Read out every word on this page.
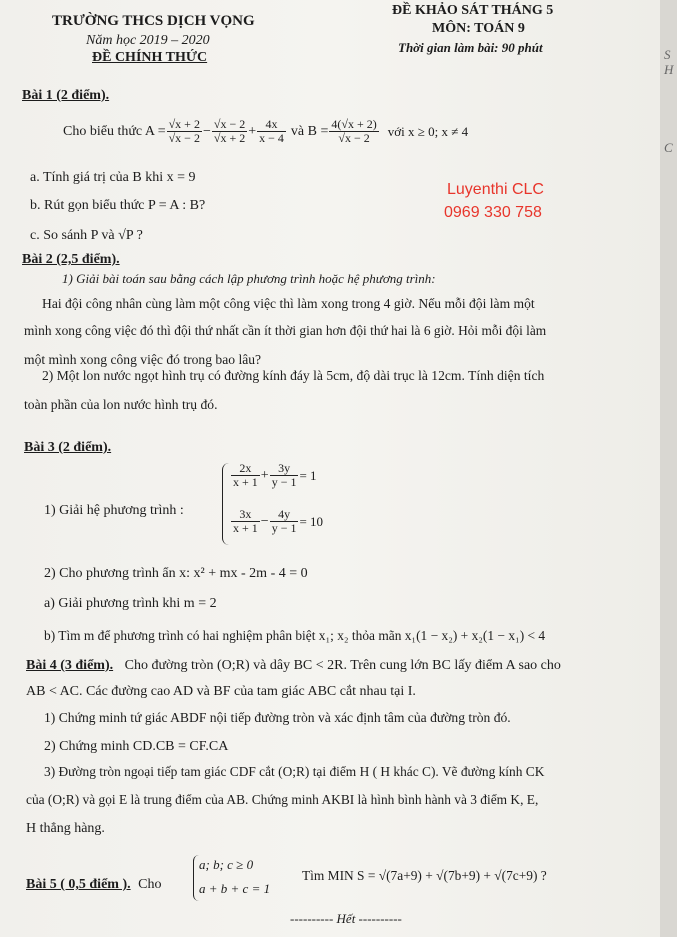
TRƯỜNG THCS DỊCH VỌNG
Năm học 2019 – 2020
ĐỀ CHÍNH THỨC
ĐỀ KHẢO SÁT THÁNG 5
MÔN: TOÁN 9
Thời gian làm bài: 90 phút
Bài 1 (2 điểm).
Cho biểu thức $A = \frac{√x + 2}{√x - 2} - \frac{√x - 2}{√x + 2} + \frac{4x}{x - 4}$ và $B = \frac{4(√x + 2)}{√x - 2}$ với x ≥ 0; x ≠ 4
a. Tính giá trị của B khi x = 9
b. Rút gọn biểu thức P = A : B?
c. So sánh P và √P ?
Luyenthi CLC
0969 330 758
Bài 2 (2,5 điểm).
1) Giải bài toán sau bằng cách lập phương trình hoặc hệ phương trình:
Hai đội công nhân cùng làm một công việc thì làm xong trong 4 giờ. Nếu mỗi đội làm một
mình xong công việc đó thì đội thứ nhất cần ít thời gian hơn đội thứ hai là 6 giờ. Hỏi mỗi đội làm
một mình xong công việc đó trong bao lâu?
2) Một lon nước ngọt hình trụ có đường kính đáy là 5cm, độ dài trục là 12cm. Tính diện tích
toàn phần của lon nước hình trụ đó.
Bài 3 (2 điểm).
1) Giải hệ phương trình :
$\frac{2x}{x + 1} + \frac{3y}{y - 1} = 1$
$\frac{3x}{x + 1} - \frac{4y}{y - 1} = 10$
2) Cho phương trình ẩn x: x² + mx - 2m - 4 = 0
a) Giải phương trình khi m = 2
b) Tìm m để phương trình có hai nghiệm phân biệt x₁; x₂ thỏa mãn x₁(1 − x₂) + x₂(1 − x₁) < 4
Bài 4 (3 điểm). Cho đường tròn (O;R) và dây BC < 2R. Trên cung lớn BC lấy điểm A sao cho
AB < AC. Các đường cao AD và BF của tam giác ABC cắt nhau tại I.
1) Chứng minh tứ giác ABDF nội tiếp đường tròn và xác định tâm của đường tròn đó.
2) Chứng minh CD.CB = CF.CA
3) Đường tròn ngoại tiếp tam giác CDF cắt (O;R) tại điểm H ( H khác C). Vẽ đường kính CK
của (O;R) và gọi E là trung điểm của AB. Chứng minh AKBI là hình bình hành và 3 điểm K, E,
H thẳng hàng.
Bài 5 ( 0,5 điểm ). Cho
a; b; c ≥ 0
a + b + c = 1
Tìm MIN S = √(7a+9) + √(7b+9) + √(7c+9) ?
---------- Hết ----------
S
H
C
